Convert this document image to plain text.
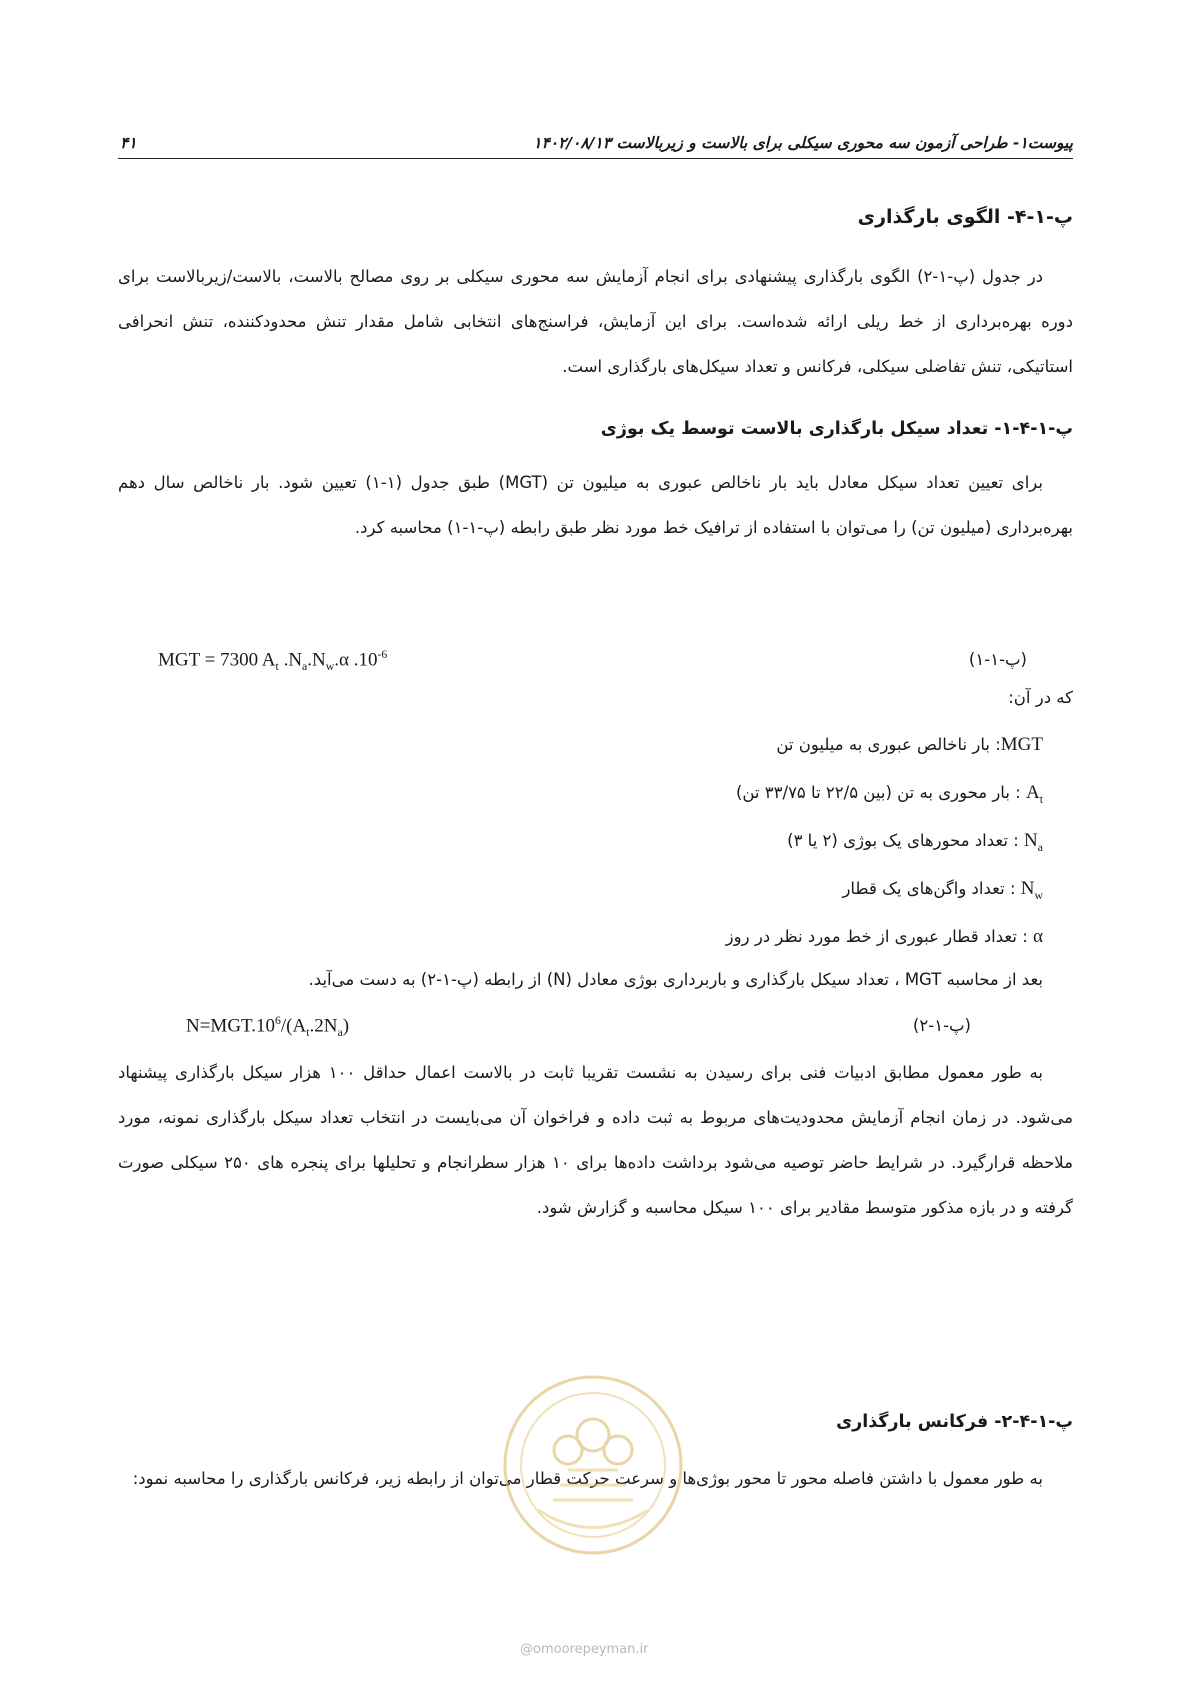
پیوست۱- طراحی آزمون سه محوری سیکلی برای بالاست و زیربالاست ۱۴۰۲/۰۸/۱۳
۴۱
پ-۱-۴- الگوی بارگذاری

در جدول (پ-۱-۲) الگوی بارگذاری پیشنهادی برای انجام آزمایش سه محوری سیکلی بر روی مصالح بالاست، بالاست/زیربالاست برای دوره بهره‌برداری از خط ریلی ارائه شده‌است. برای این آزمایش، فراسنج‌های انتخابی شامل مقدار تنش محدودکننده، تنش انحرافی استاتیکی، تنش تفاضلی سیکلی، فرکانس و تعداد سیکل‌های بارگذاری است.

پ-۱-۴-۱- تعداد سیکل بارگذاری بالاست توسط یک بوژی

برای تعیین تعداد سیکل معادل باید بار ناخالص عبوری به میلیون تن (MGT) طبق جدول (۱-۱) تعیین شود. بار ناخالص سال دهم بهره‌برداری (میلیون تن) را می‌توان با استفاده از ترافیک خط مورد نظر طبق رابطه (پ-۱-۱) محاسبه کرد.

MGT = 7300 $A_t$ $.N_a.N_w.\alpha$ $.10^{-6}$	(پ-۱-۱)
که در آن:
MGT: بار ناخالص عبوری به میلیون تن
$A_t$ : بار محوری به تن (بین ۲۲/۵ تا ۳۳/۷۵ تن)
$N_a$ : تعداد محورهای یک بوژی (۲ یا ۳)
$N_w$ : تعداد واگن‌های یک قطار
α : تعداد قطار عبوری از خط مورد نظر در روز
بعد از محاسبه MGT ، تعداد سیکل بارگذاری و باربرداری بوژی معادل (N) از رابطه (پ-۱-۲) به دست می‌آید.
$N=MGT.10^6/(A_t.2N_a)$	(پ-۱-۲)

به طور معمول مطابق ادبیات فنی برای رسیدن به نشست تقریبا ثابت در بالاست اعمال حداقل ۱۰۰ هزار سیکل بارگذاری پیشنهاد می‌شود. در زمان انجام آزمایش محدودیت‌های مربوط به ثبت داده و فراخوان آن می‌بایست در انتخاب تعداد سیکل بارگذاری نمونه، مورد ملاحظه قرارگیرد. در شرایط حاضر توصیه می‌شود برداشت داده‌ها برای ۱۰ هزار سطرانجام و تحلیلها برای پنجره های ۲۵۰ سیکلی صورت گرفته و در بازه مذکور متوسط مقادیر برای ۱۰۰ سیکل محاسبه و گزارش شود.

پ-۱-۴-۲- فرکانس بارگذاری

به طور معمول با داشتن فاصله محور تا محور بوژی‌ها و سرعت حرکت قطار می‌توان از رابطه زیر، فرکانس بارگذاری را محاسبه نمود:

@omoorepeyman.ir
